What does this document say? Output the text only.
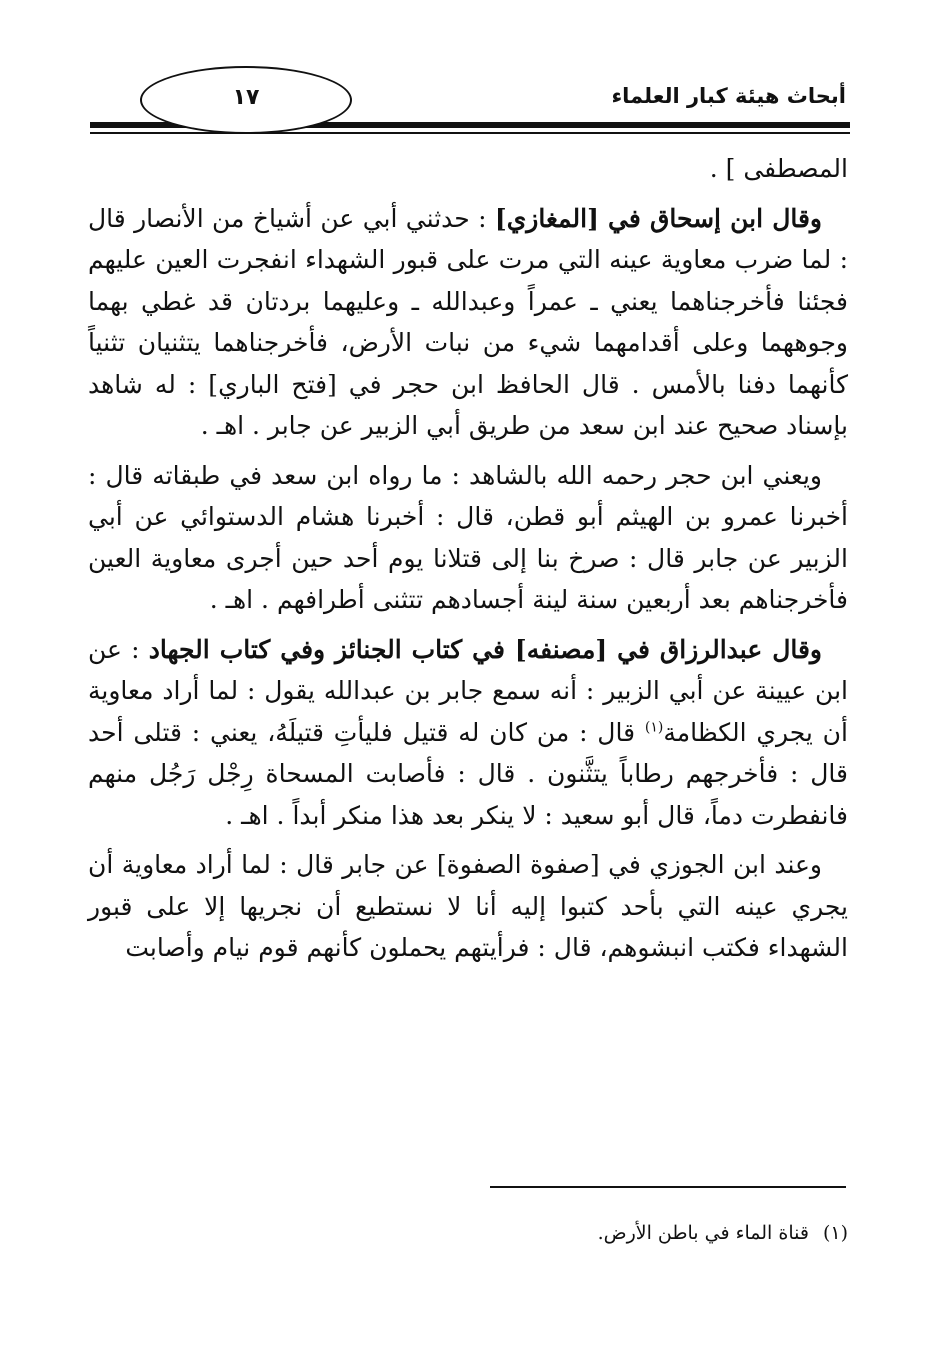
أبحاث هيئة كبار العلماء
١٧

المصطفى ] .

وقال ابن إسحاق في [المغازي] : حدثني أبي عن أشياخ من الأنصار قال : لما ضرب معاوية عينه التي مرت على قبور الشهداء انفجرت العين عليهم فجئنا فأخرجناهما يعني ـ عمراً وعبدالله ـ وعليهما بردتان قد غطي بهما وجوههما وعلى أقدامهما شيء من نبات الأرض، فأخرجناهما يتثنيان تثنياً كأنهما دفنا بالأمس . قال الحافظ ابن حجر في [فتح الباري] : له شاهد بإسناد صحيح عند ابن سعد من طريق أبي الزبير عن جابر . اهـ .

ويعني ابن حجر رحمه الله بالشاهد : ما رواه ابن سعد في طبقاته قال : أخبرنا عمرو بن الهيثم أبو قطن، قال : أخبرنا هشام الدستوائي عن أبي الزبير عن جابر قال : صرخ بنا إلى قتلانا يوم أحد حين أجرى معاوية العين فأخرجناهم بعد أربعين سنة لينة أجسادهم تتثنى أطرافهم . اهـ .

وقال عبدالرزاق في [مصنفه] في كتاب الجنائز وفي كتاب الجهاد : عن ابن عيينة عن أبي الزبير : أنه سمع جابر بن عبدالله يقول : لما أراد معاوية أن يجري الكظامة$^{(١)}$ قال : من كان له قتيل فليأتِ قتيلَهُ، يعني : قتلى أحد قال : فأخرجهم رطاباً يتثَّنون . قال : فأصابت المسحاة رِجْل رَجُل منهم فانفطرت دماً، قال أبو سعيد : لا ينكر بعد هذا منكر أبداً . اهـ .

وعند ابن الجوزي في [صفوة الصفوة] عن جابر قال : لما أراد معاوية أن يجري عينه التي بأحد كتبوا إليه أنا لا نستطيع أن نجريها إلا على قبور الشهداء فكتب انبشوهم، قال : فرأيتهم يحملون كأنهم قوم نيام وأصابت

(١)قناة الماء في باطن الأرض.
